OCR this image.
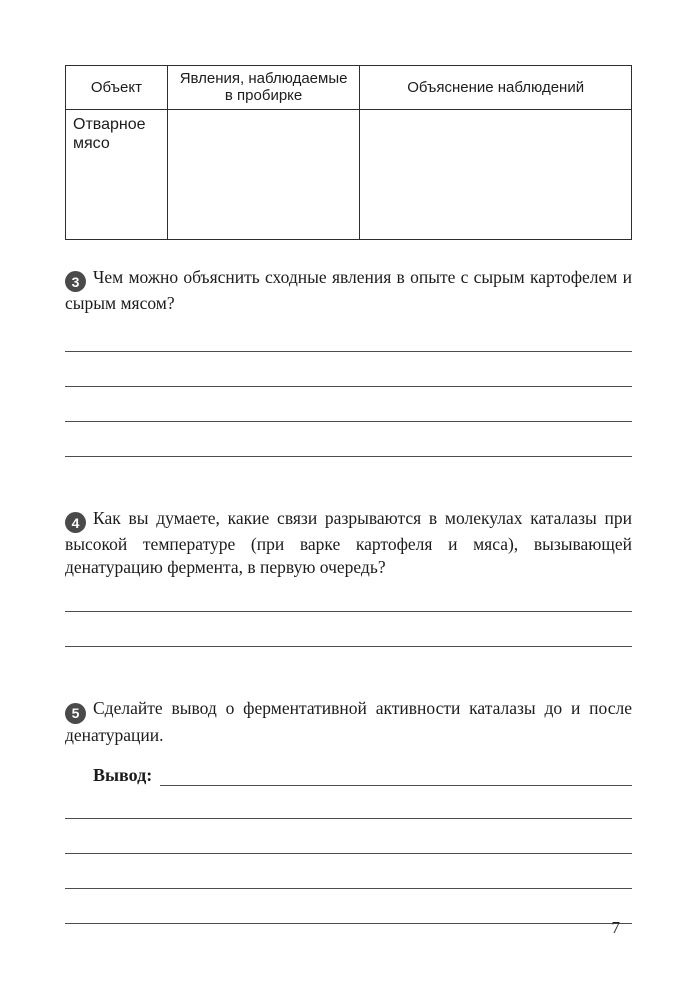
Объект	Явления, наблюдаемые в пробирке	Объяснение наблюдений
Отварное мясо		

3 Чем можно объяснить сходные явления в опыте с сырым картофелем и сырым мясом?

4 Как вы думаете, какие связи разрываются в молекулах каталазы при высокой температуре (при варке картофеля и мяса), вызывающей денатурацию фермента, в первую очередь?

5 Сделайте вывод о ферментативной активности каталазы до и после денатурации.

Вывод:
7
